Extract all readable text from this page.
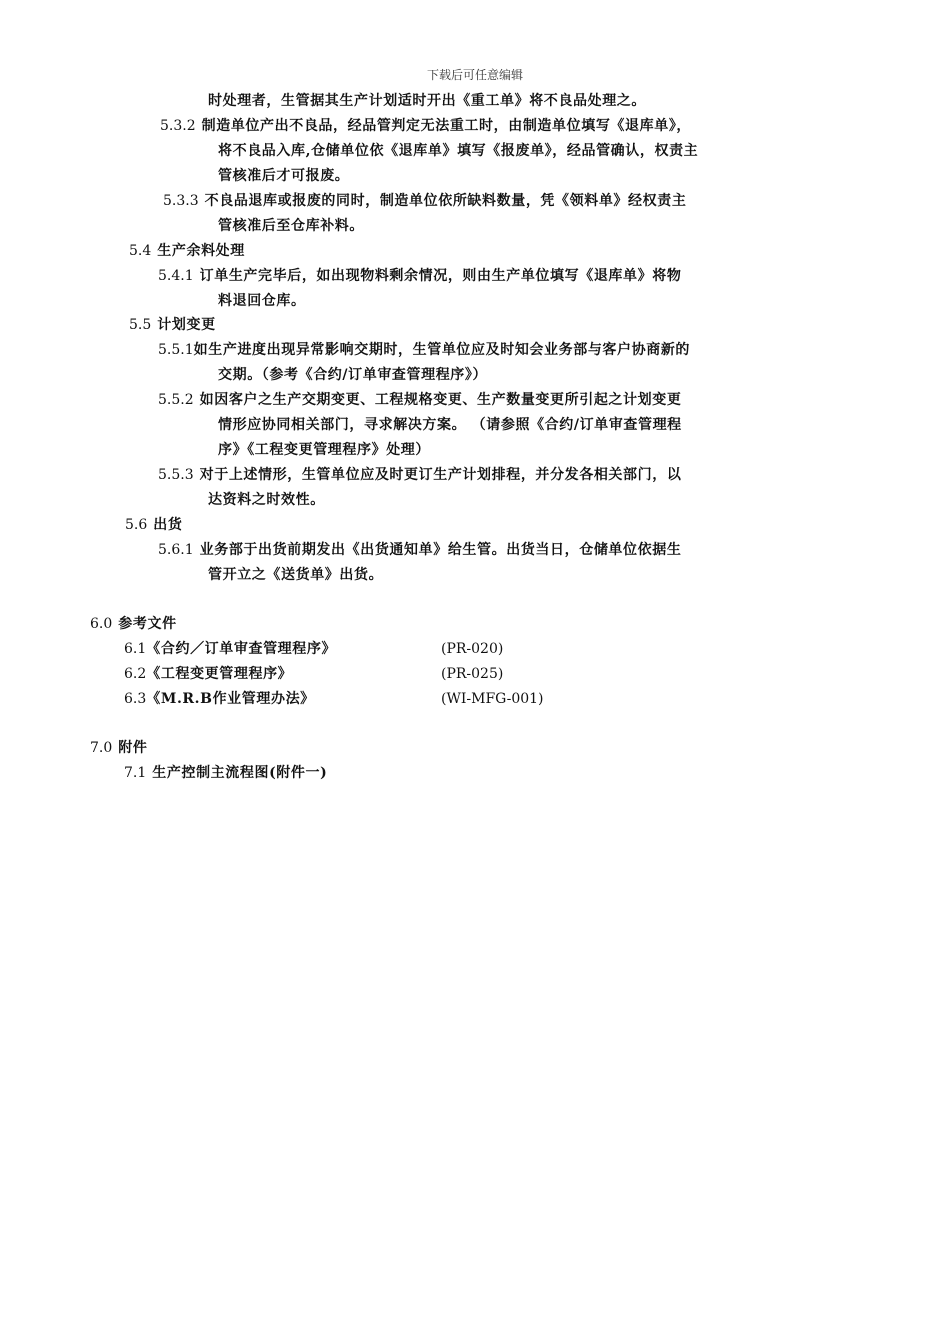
下载后可任意编辑
时处理者，生管据其生产计划适时开出《重工单》将不良品处理之。
5.3.2 制造单位产出不良品，经品管判定无法重工时，由制造单位填写《退库单》，
将不良品入库,仓储单位依《退库单》填写《报废单》，经品管确认，权责主
管核准后才可报废。
5.3.3 不良品退库或报废的同时，制造单位依所缺料数量，凭《领料单》经权责主
管核准后至仓库补料。
5.4 生产余料处理
5.4.1 订单生产完毕后，如出现物料剩余情况，则由生产单位填写《退库单》将物
料退回仓库。
5.5 计划变更
5.5.1如生产进度出现异常影响交期时，生管单位应及时知会业务部与客户协商新的
交期。（参考《合约/订单审查管理程序》）
5.5.2 如因客户之生产交期变更、工程规格变更、生产数量变更所引起之计划变更
情形应协同相关部门，寻求解决方案。 （请参照《合约/订单审查管理程
序》《工程变更管理程序》处理）
5.5.3 对于上述情形，生管单位应及时更订生产计划排程，并分发各相关部门，以
达资料之时效性。
5.6 出货
5.6.1 业务部于出货前期发出《出货通知单》给生管。出货当日，仓储单位依据生
管开立之《送货单》出货。
6.0 参考文件
6.1《合约／订单审查管理程序》	(PR-020)
6.2《工程变更管理程序》	(PR-025)
6.3《M.R.B作业管理办法》	(WI-MFG-001)
7.0 附件
7.1 生产控制主流程图(附件一)
